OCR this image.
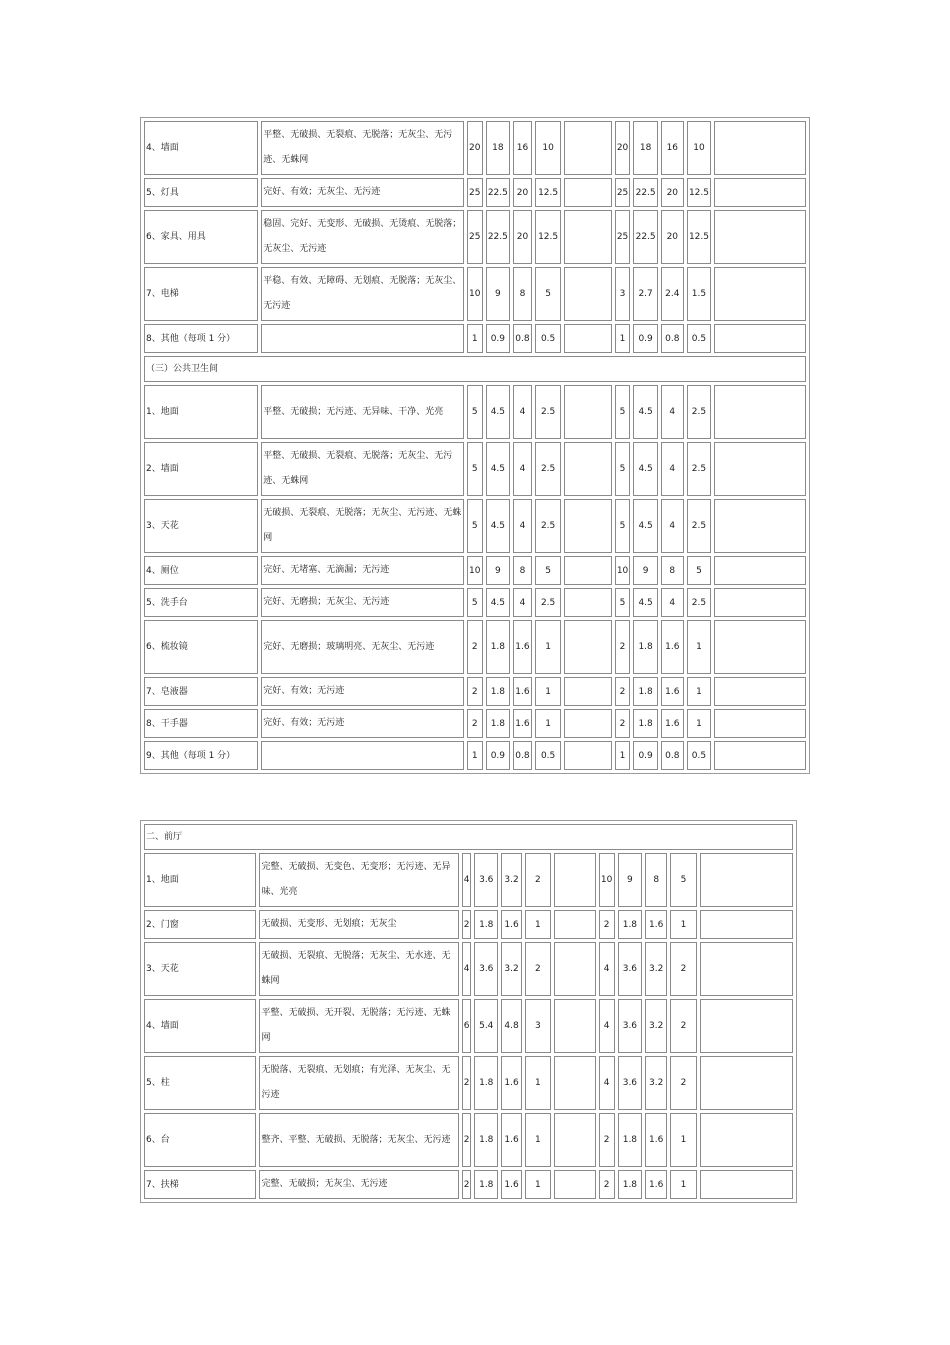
4、墙面	平整、无破损、无裂痕、无脱落；无灰尘、无污迹、无蛛网	20	18	16	10		20	18	16	10	
5、灯具	完好、有效；无灰尘、无污迹	25	22.5	20	12.5		25	22.5	20	12.5	
6、家具、用具	稳固、完好、无变形、无破损、无烫痕、无脱落；无灰尘、无污迹	25	22.5	20	12.5		25	22.5	20	12.5	
7、电梯	平稳、有效、无障碍、无划痕、无脱落；无灰尘、无污迹	10	9	8	5		3	2.7	2.4	1.5	
8、其他（每项 1 分）		1	0.9	0.8	0.5		1	0.9	0.8	0.5	
（三）公共卫生间											
1、地面	平整、无破损；无污迹、无异味、干净、光亮	5	4.5	4	2.5		5	4.5	4	2.5	
2、墙面	平整、无破损、无裂痕、无脱落；无灰尘、无污迹、无蛛网	5	4.5	4	2.5		5	4.5	4	2.5	
3、天花	无破损、无裂痕、无脱落；无灰尘、无污迹、无蛛网	5	4.5	4	2.5		5	4.5	4	2.5	
4、厕位	完好、无堵塞、无滴漏；无污迹	10	9	8	5		10	9	8	5	
5、洗手台	完好、无磨损；无灰尘、无污迹	5	4.5	4	2.5		5	4.5	4	2.5	
6、梳妆镜	完好、无磨损；玻璃明亮、无灰尘、无污迹	2	1.8	1.6	1		2	1.8	1.6	1	
7、皂液器	完好、有效；无污迹	2	1.8	1.6	1		2	1.8	1.6	1	
8、干手器	完好、有效；无污迹	2	1.8	1.6	1		2	1.8	1.6	1	
9、其他（每项 1 分）		1	0.9	0.8	0.5		1	0.9	0.8	0.5	
二、前厅											
1、地面	完整、无破损、无变色、无变形；无污迹、无异味、光亮	4	3.6	3.2	2		10	9	8	5	
2、门窗	无破损、无变形、无划痕；无灰尘	2	1.8	1.6	1		2	1.8	1.6	1	
3、天花	无破损、无裂痕、无脱落；无灰尘、无水迹、无蛛网	4	3.6	3.2	2		4	3.6	3.2	2	
4、墙面	平整、无破损、无开裂、无脱落；无污迹、无蛛网	6	5.4	4.8	3		4	3.6	3.2	2	
5、柱	无脱落、无裂痕、无划痕；有光泽、无灰尘、无污迹	2	1.8	1.6	1		4	3.6	3.2	2	
6、台	整齐、平整、无破损、无脱落；无灰尘、无污迹	2	1.8	1.6	1		2	1.8	1.6	1	
7、扶梯	完整、无破损；无灰尘、无污迹	2	1.8	1.6	1		2	1.8	1.6	1	
